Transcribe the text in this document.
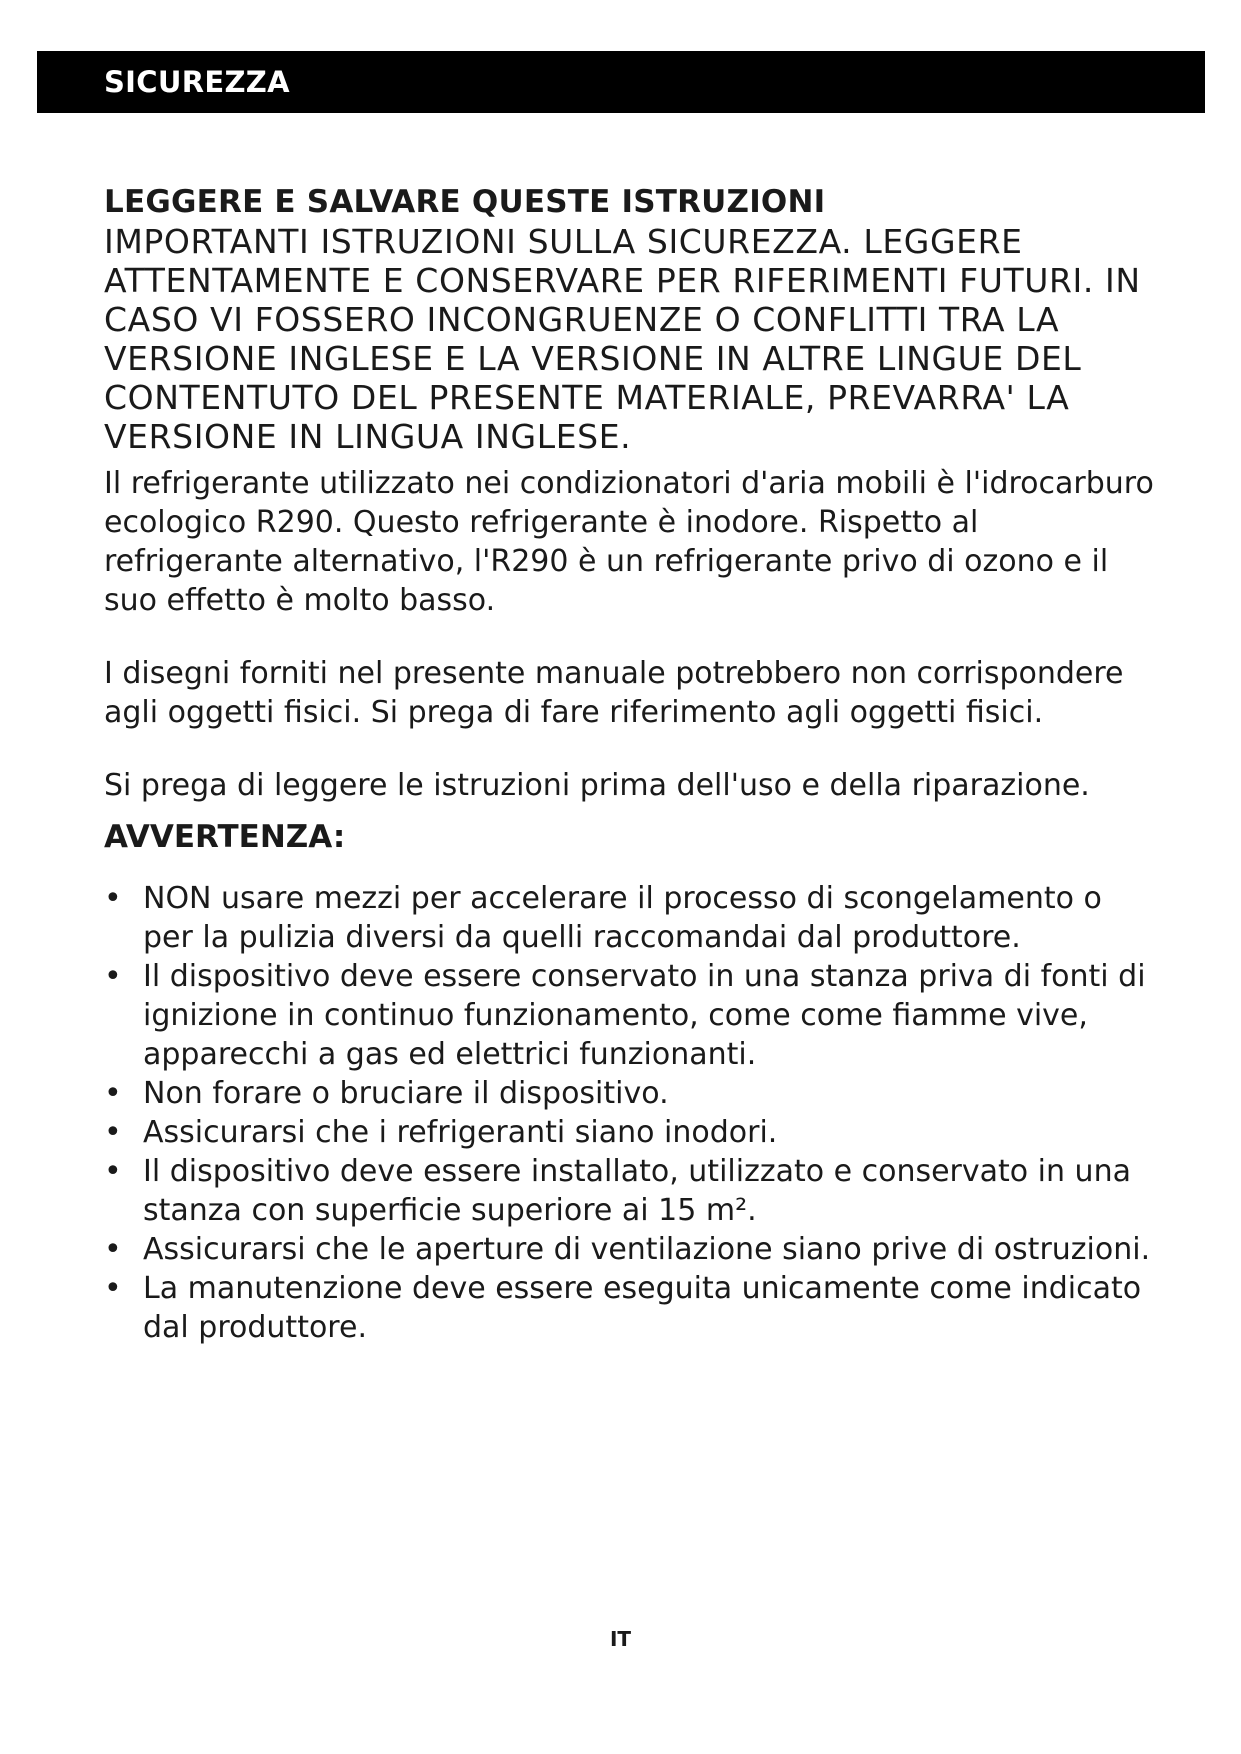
SICUREZZA
LEGGERE E SALVARE QUESTE ISTRUZIONI

IMPORTANTI ISTRUZIONI SULLA SICUREZZA. LEGGERE ATTENTAMENTE E CONSERVARE PER RIFERIMENTI FUTURI. IN CASO VI FOSSERO INCONGRUENZE O CONFLITTI TRA LA VERSIONE INGLESE E LA VERSIONE IN ALTRE LINGUE DEL CONTENTUTO DEL PRESENTE MATERIALE, PREVARRA' LA VERSIONE IN LINGUA INGLESE.

Il refrigerante utilizzato nei condizionatori d'aria mobili è l'idrocarburo ecologico R290. Questo refrigerante è inodore. Rispetto al refrigerante alternativo, l'R290 è un refrigerante privo di ozono e il suo effetto è molto basso.

I disegni forniti nel presente manuale potrebbero non corrispondere agli oggetti fisici. Si prega di fare riferimento agli oggetti fisici.

Si prega di leggere le istruzioni prima dell'uso e della riparazione.

AVVERTENZA:
• NON usare mezzi per accelerare il processo di scongelamento o per la pulizia diversi da quelli raccomandai dal produttore.
• Il dispositivo deve essere conservato in una stanza priva di fonti di ignizione in continuo funzionamento, come come fiamme vive, apparecchi a gas ed elettrici funzionanti.
• Non forare o bruciare il dispositivo.
• Assicurarsi che i refrigeranti siano inodori.
• Il dispositivo deve essere installato, utilizzato e conservato in una stanza con superficie superiore ai 15 m².
• Assicurarsi che le aperture di ventilazione siano prive di ostruzioni.
• La manutenzione deve essere eseguita unicamente come indicato dal produttore.
IT
